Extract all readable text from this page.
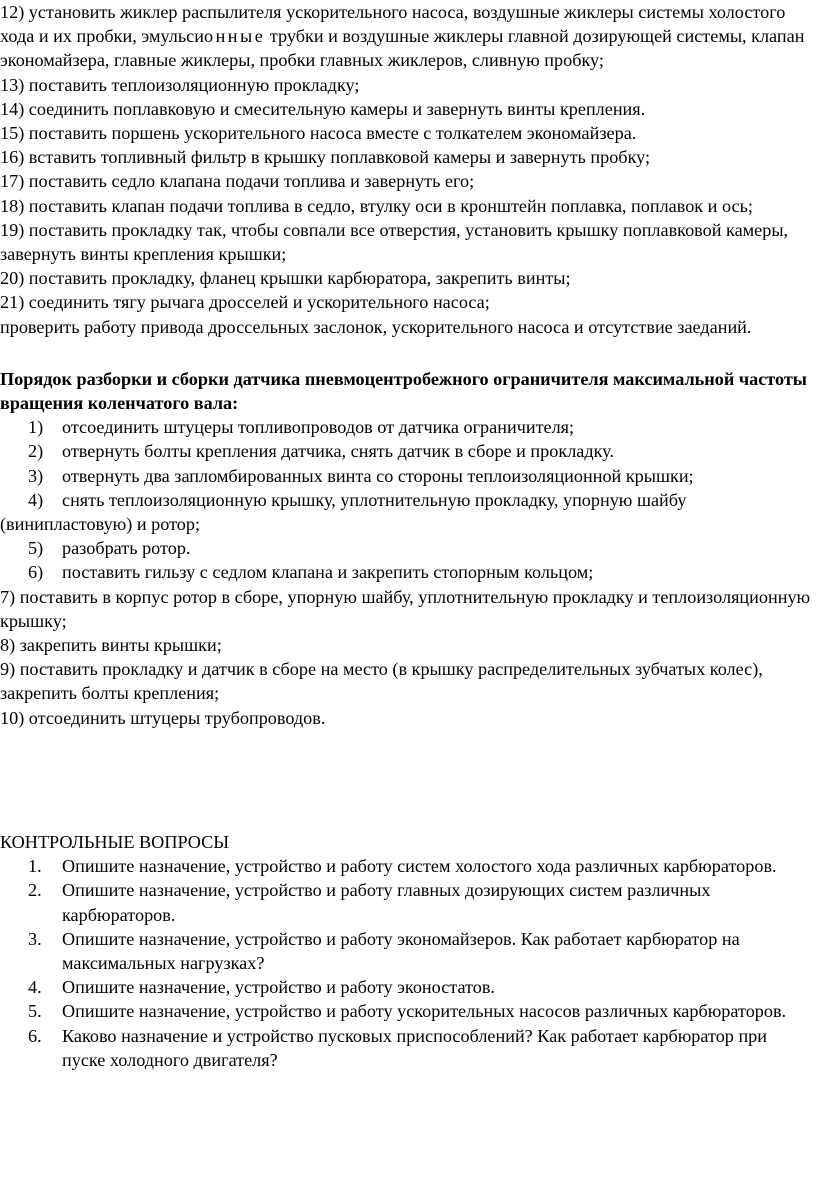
12) установить жиклер распылителя ускорительного насоса, воздушные жиклеры системы холостого хода и их пробки, эмульсионные трубки и воздушные жиклеры главной дозирующей системы, клапан экономайзера, главные жиклеры, пробки главных жиклеров, сливную пробку;

13) поставить теплоизоляционную прокладку;

14) соединить поплавковую и смесительную камеры и завернуть винты крепления.

15) поставить поршень ускорительного насоса вместе с толкателем экономайзера.

16) вставить топливный фильтр в крышку поплавковой камеры и завернуть пробку;

17) поставить седло клапана подачи топлива и завернуть его;

18) поставить клапан подачи топлива в седло, втулку оси в кронштейн поплавка, поплавок и ось;

19) поставить прокладку так, чтобы совпали все отверстия, установить крышку поплавковой камеры, завернуть винты крепления крышки;

20) поставить прокладку, фланец крышки карбюратора, закрепить винты;

21) соединить тягу рычага дросселей и ускорительного насоса;

проверить работу привода дроссельных заслонок, ускорительного насоса и отсутствие заеданий.

Порядок разборки и сборки датчика пневмоцентробежного ограничителя максимальной частоты вращения коленчатого вала:

1) отсоединить штуцеры топливопроводов от датчика ограничителя;
2) отвернуть болты крепления датчика, снять датчик в сборе и прокладку.
3) отвернуть два запломбированных винта со стороны теплоизоляционной крышки;
4) снять теплоизоляционную крышку, уплотнительную прокладку, упорную шайбу (винипластовую) и ротор;
5) разобрать ротор.
6) поставить гильзу с седлом клапана и закрепить стопорным кольцом;

7) поставить в корпус ротор в сборе, упорную шайбу, уплотнительную прокладку и теплоизоляционную крышку;

8) закрепить винты крышки;

9) поставить прокладку и датчик в сборе на место (в крышку распределительных зубчатых колес), закрепить болты крепления;

10) отсоединить штуцеры трубопроводов.

КОНТРОЛЬНЫЕ ВОПРОСЫ

1. Опишите назначение, устройство и работу систем холостого хода различных карбюраторов.
2. Опишите назначение, устройство и работу главных дозирующих систем различных карбюраторов.
3. Опишите назначение, устройство и работу экономайзеров. Как работает карбюратор на максимальных нагрузках?
4. Опишите назначение, устройство и работу эконостатов.
5. Опишите назначение, устройство и работу ускорительных насосов различных карбюраторов.
6. Каково назначение и устройство пусковых приспособлений? Как работает карбюратор при пуске холодного двигателя?
